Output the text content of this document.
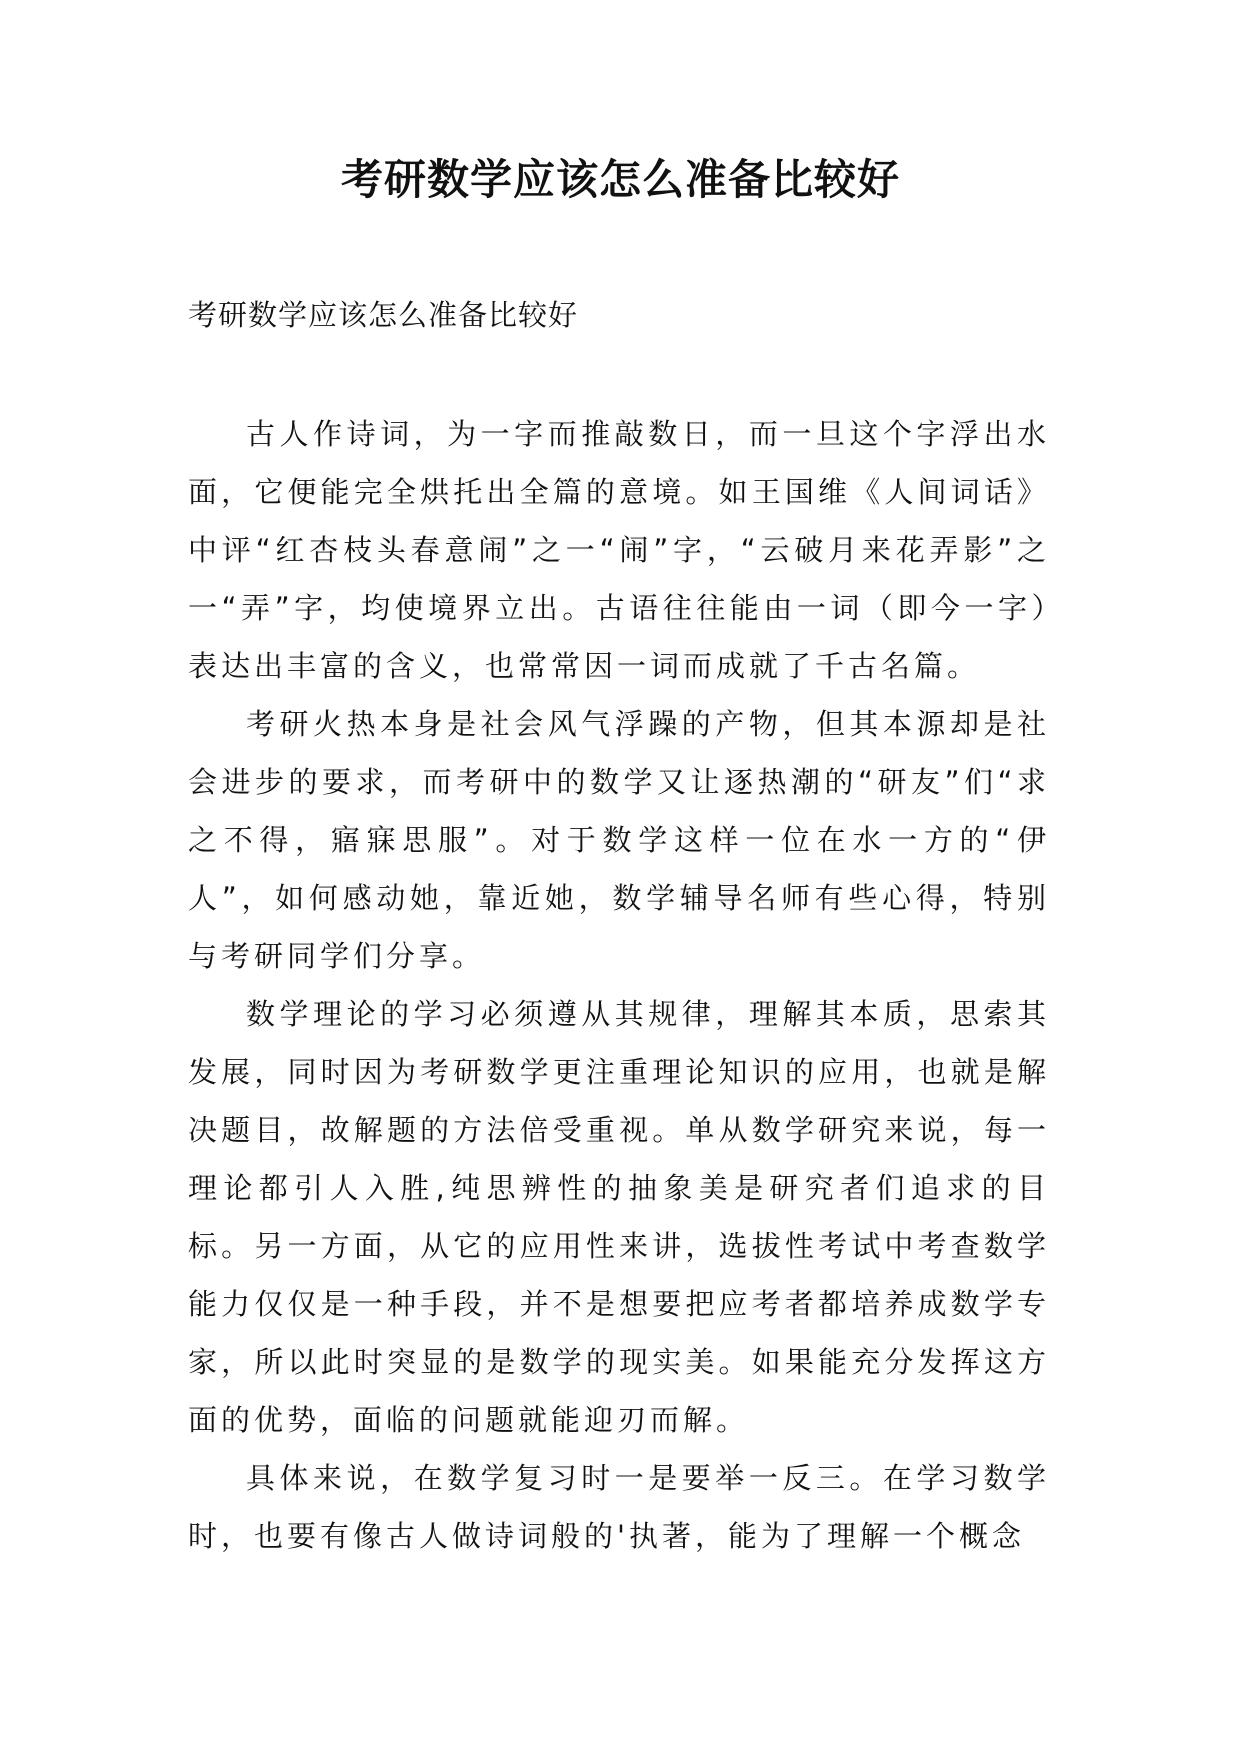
考研数学应该怎么准备比较好

考研数学应该怎么准备比较好

古人作诗词，为一字而推敲数日，而一旦这个字浮出水面，它便能完全烘托出全篇的意境。如王国维《人间词话》中评“红杏枝头春意闹”之一“闹”字，“云破月来花弄影”之一“弄”字，均使境界立出。古语往往能由一词（即今一字）表达出丰富的含义，也常常因一词而成就了千古名篇。

考研火热本身是社会风气浮躁的产物，但其本源却是社会进步的要求，而考研中的数学又让逐热潮的“研友”们“求之不得，寤寐思服”。对于数学这样一位在水一方的“伊人”，如何感动她，靠近她，数学辅导名师有些心得，特别与考研同学们分享。

数学理论的学习必须遵从其规律，理解其本质，思索其发展，同时因为考研数学更注重理论知识的应用，也就是解决题目，故解题的方法倍受重视。单从数学研究来说，每一理论都引人入胜,纯思辨性的抽象美是研究者们追求的目标。另一方面，从它的应用性来讲，选拔性考试中考查数学能力仅仅是一种手段，并不是想要把应考者都培养成数学专家，所以此时突显的是数学的现实美。如果能充分发挥这方面的优势，面临的问题就能迎刃而解。

具体来说，在数学复习时一是要举一反三。在学习数学时，也要有像古人做诗词般的'执著，能为了理解一个概念
